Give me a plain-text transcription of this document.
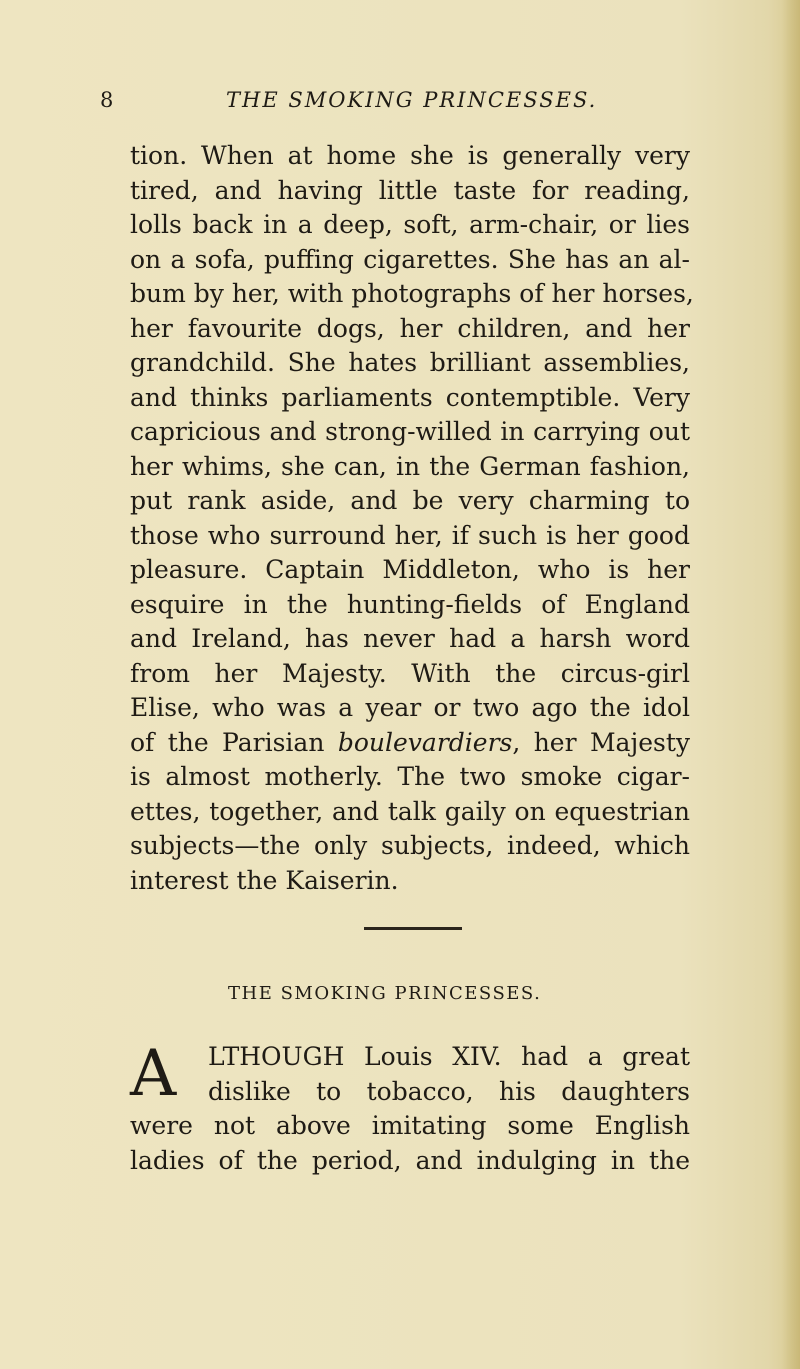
8	THE SMOKING PRINCESSES.
tion. When at home she is generally very
tired, and having little taste for reading,
lolls back in a deep, soft, arm-chair, or lies
on a sofa, puffing cigarettes. She has an al-
bum by her, with photographs of her horses,
her favourite dogs, her children, and her
grandchild. She hates brilliant assemblies,
and thinks parliaments contemptible. Very
capricious and strong-willed in carrying out
her whims, she can, in the German fashion,
put rank aside, and be very charming to
those who surround her, if such is her good
pleasure. Captain Middleton, who is her
esquire in the hunting-fields of England
and Ireland, has never had a harsh word
from her Majesty. With the circus-girl
Elise, who was a year or two ago the idol
of the Parisian boulevardiers, her Majesty
is almost motherly. The two smoke cigar-
ettes, together, and talk gaily on equestrian
subjects—the only subjects, indeed, which
interest the Kaiserin.
THE SMOKING PRINCESSES.
A	LTHOUGH Louis XIV. had a great
dislike to tobacco, his daughters
were not above imitating some English
ladies of the period, and indulging in the
